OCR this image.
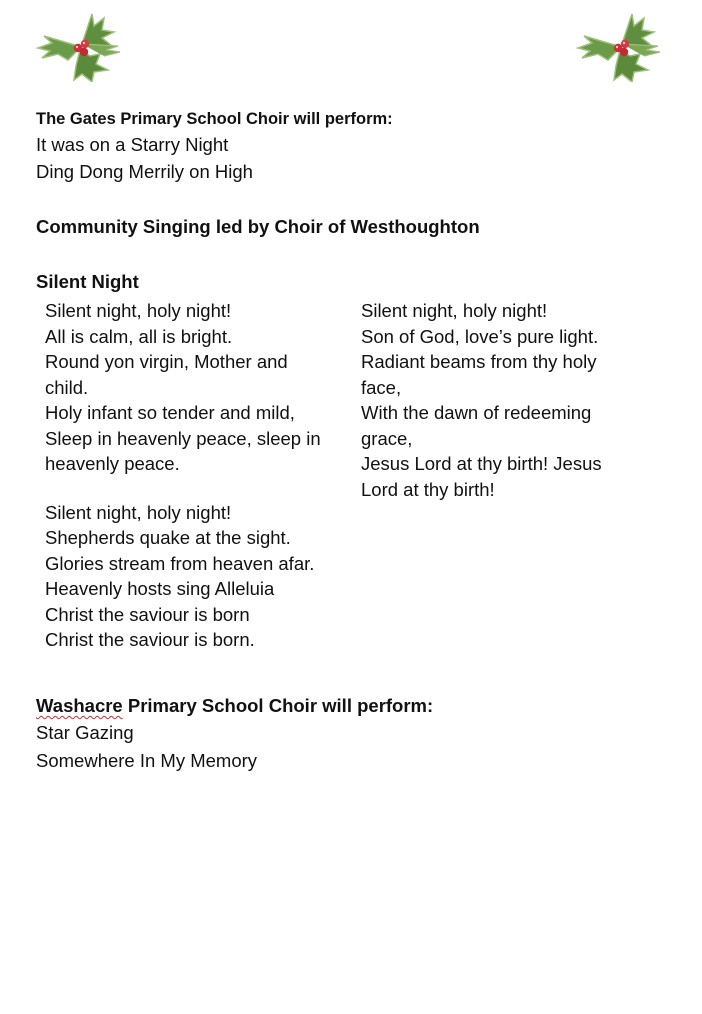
The Gates Primary School Choir will perform:
It was on a Starry Night
Ding Dong Merrily on High
Community Singing led by Choir of Westhoughton
Silent Night
Silent night, holy night!
All is calm, all is bright.
Round yon virgin, Mother and
child.
Holy infant so tender and mild,
Sleep in heavenly peace, sleep in
heavenly peace.
Silent night, holy night!
Shepherds quake at the sight.
Glories stream from heaven afar.
Heavenly hosts sing Alleluia
Christ the saviour is born
Christ the saviour is born.
Silent night, holy night!
Son of God, love’s pure light.
Radiant beams from thy holy
face,
With the dawn of redeeming
grace,
Jesus Lord at thy birth! Jesus
Lord at thy birth!
Washacre Primary School Choir will perform:
Star Gazing
Somewhere In My Memory
